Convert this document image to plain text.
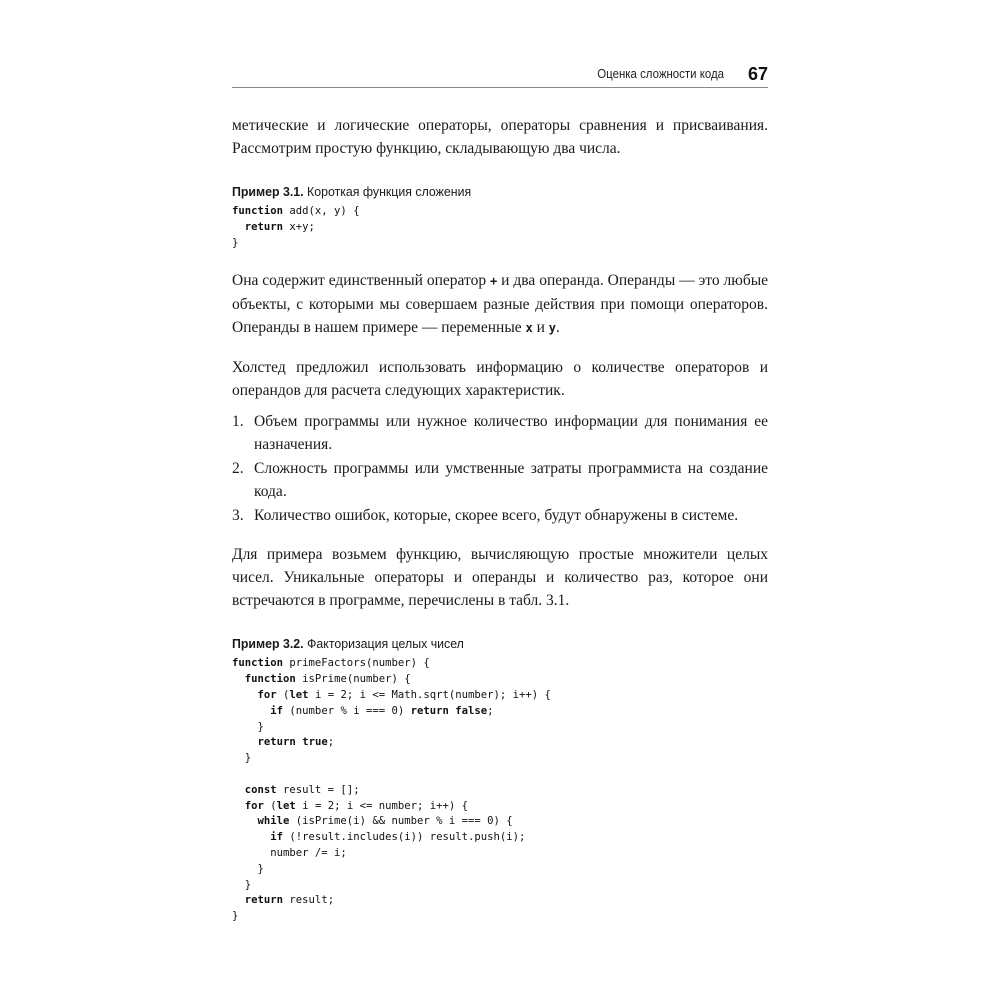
Оценка сложности кода 67

метические и логические операторы, операторы сравнения и присваивания. Рассмотрим простую функцию, складывающую два числа.

Пример 3.1. Короткая функция сложения
function add(x, y) {
return x+y;
}

Она содержит единственный оператор + и два операнда. Операнды — это любые объекты, с которыми мы совершаем разные действия при помощи операторов. Операнды в нашем примере — переменные x и y.

Холстед предложил использовать информацию о количестве операторов и операндов для расчета следующих характеристик.

1. Объем программы или нужное количество информации для понимания ее назначения.
2. Сложность программы или умственные затраты программиста на создание кода.
3. Количество ошибок, которые, скорее всего, будут обнаружены в системе.

Для примера возьмем функцию, вычисляющую простые множители целых чисел. Уникальные операторы и операнды и количество раз, которое они встречаются в программе, перечислены в табл. 3.1.

Пример 3.2. Факторизация целых чисел
function primeFactors(number) {
function isPrime(number) {
for (let i = 2; i <= Math.sqrt(number); i++) {
if (number % i === 0) return false;
}
return true;
}
const result = [];
for (let i = 2; i <= number; i++) {
while (isPrime(i) && number % i === 0) {
if (!result.includes(i)) result.push(i);
number /= i;
}
}
return result;
}
